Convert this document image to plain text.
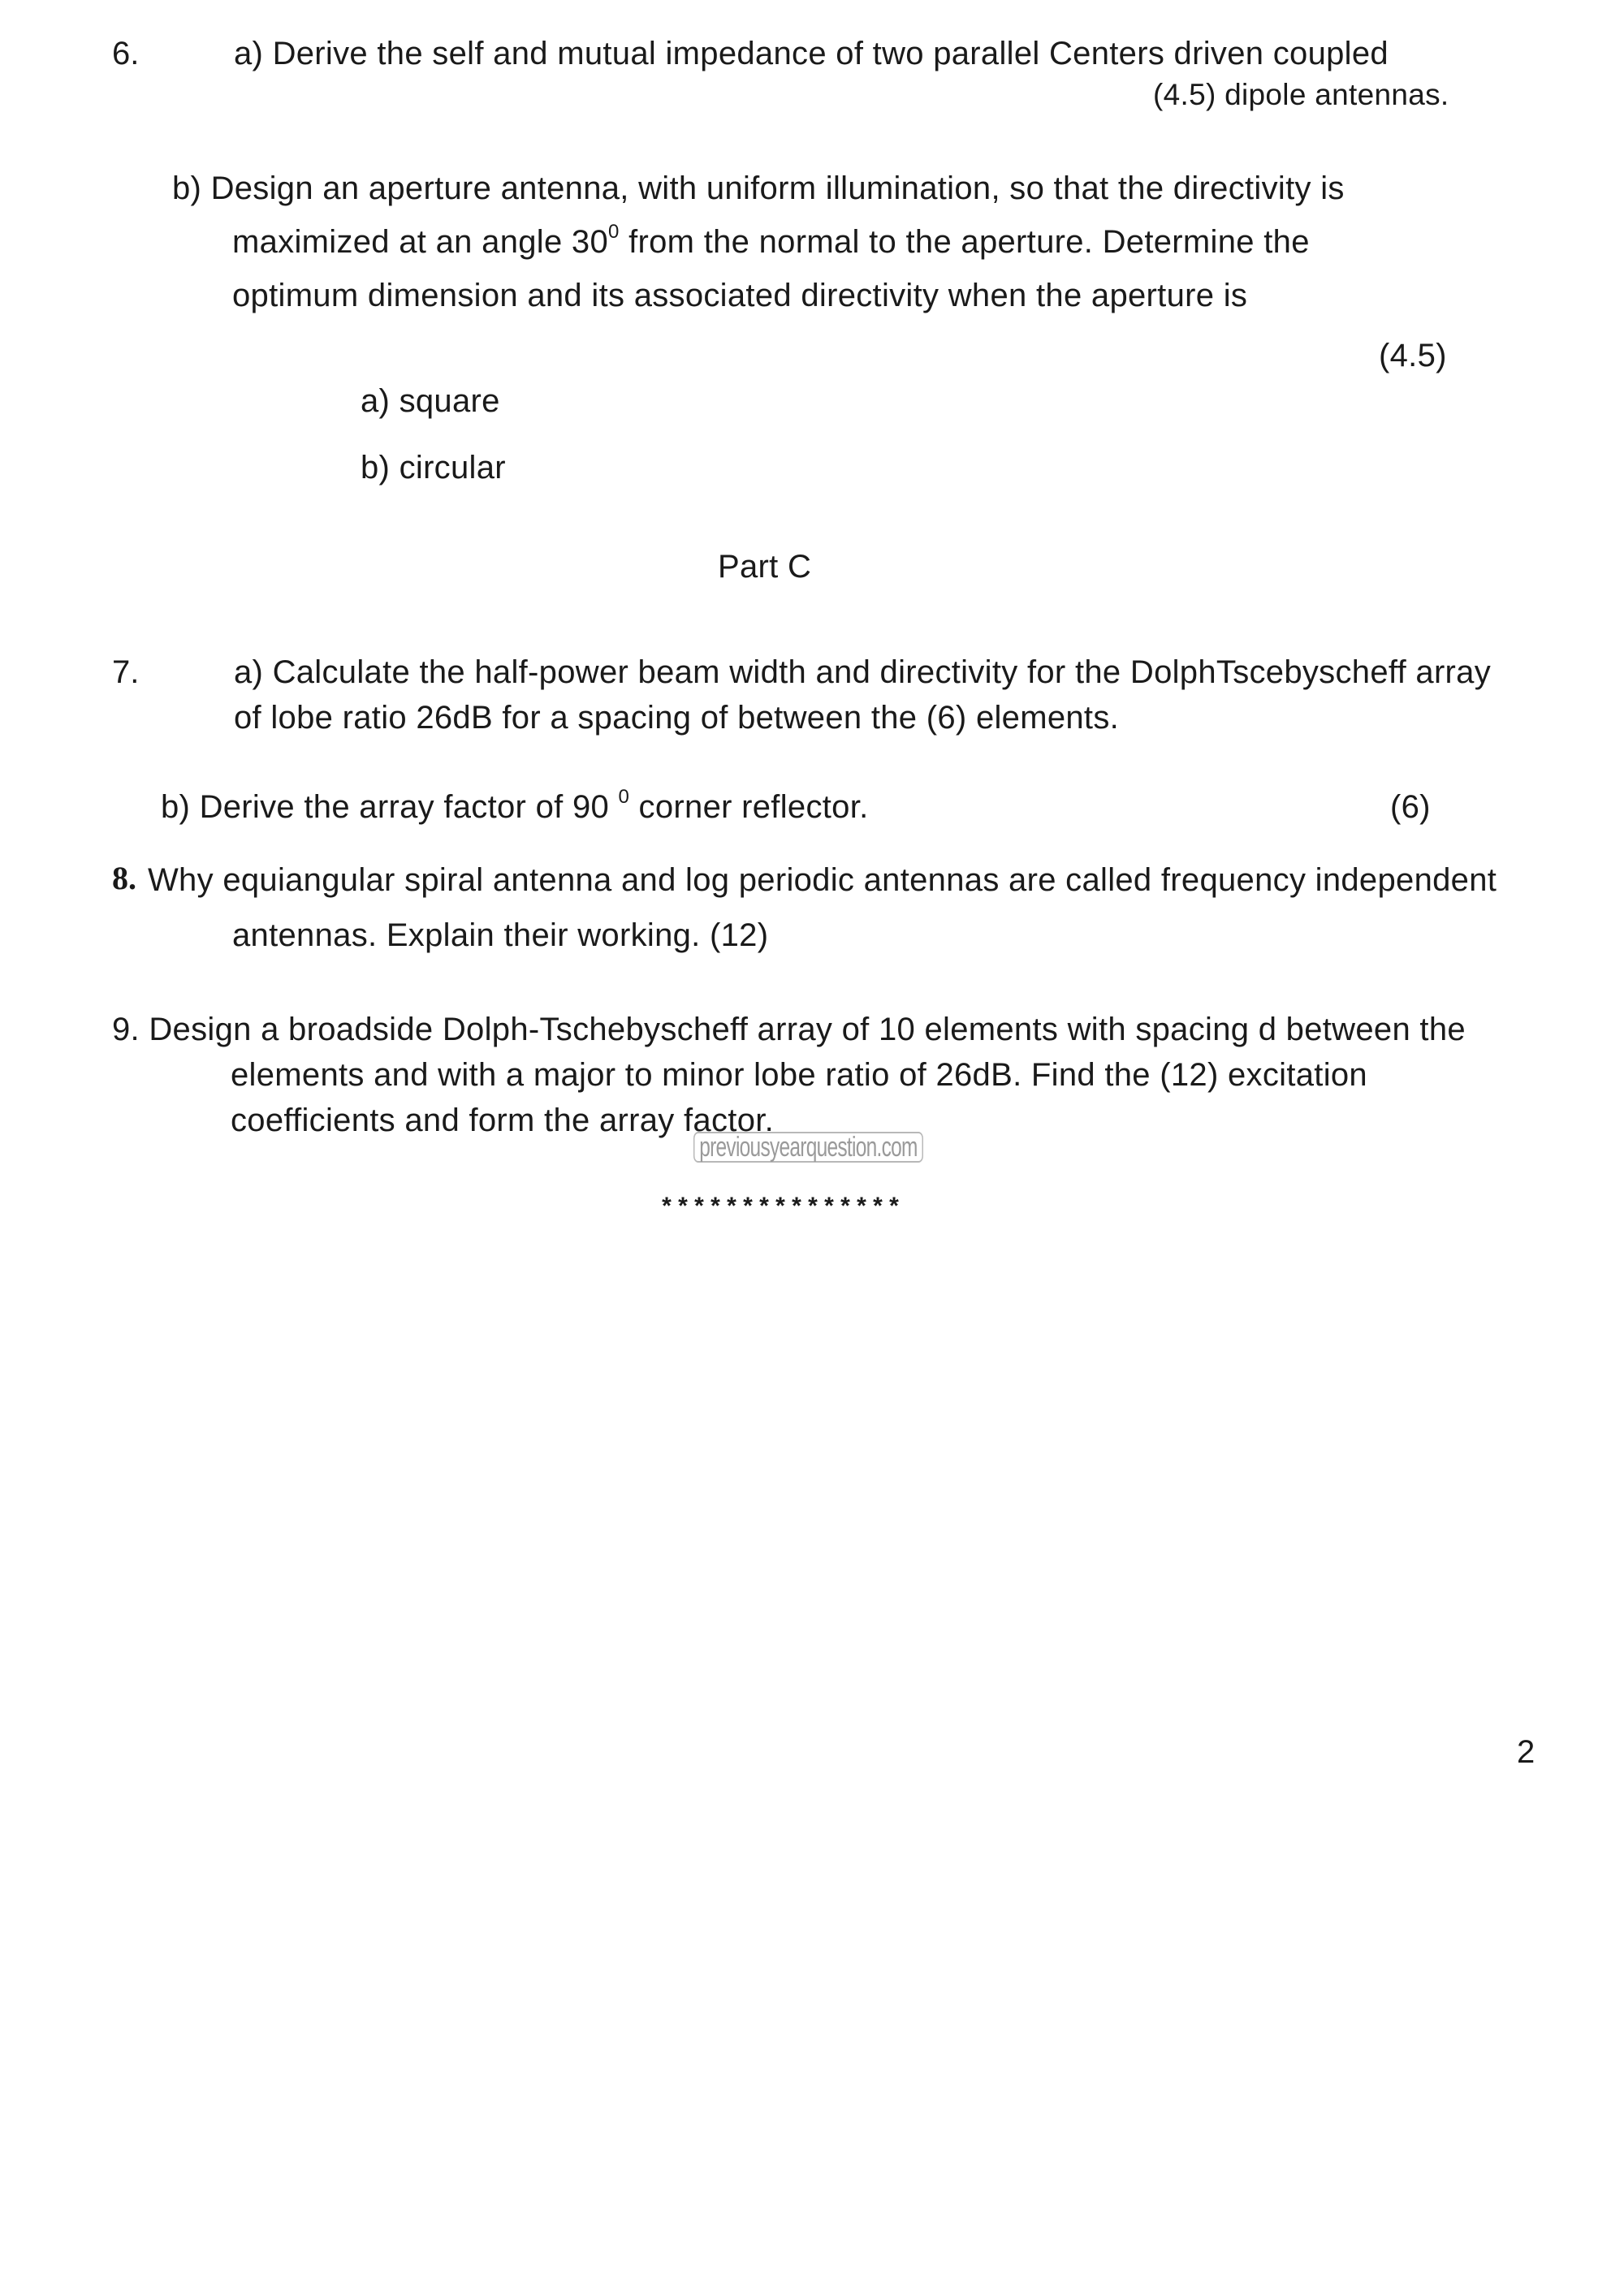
6.	a) Derive the self and mutual impedance of two parallel Centers driven coupled
(4.5) dipole antennas.
b) Design an aperture antenna, with uniform illumination, so that the directivity is
maximized at an angle $30^0$ from the normal to the aperture. Determine the
optimum dimension and its associated directivity when the aperture is
(4.5)
a) square
b) circular
Part C
7.	a) Calculate the half-power beam width and directivity for the DolphTscebyscheff array
of lobe ratio 26dB for a spacing of between the (6) elements.
b) Derive the array factor of 90 $^0$ corner reflector.	(6)
8. Why equiangular spiral antenna and log periodic antennas are called frequency independent
antennas. Explain their working. (12)
9. Design a broadside Dolph-Tschebyscheff array of 10 elements with spacing d between the
elements and with a major to minor lobe ratio of 26dB. Find the (12) excitation
coefficients and form the array factor.
previousyearquestion.com
***************
2
